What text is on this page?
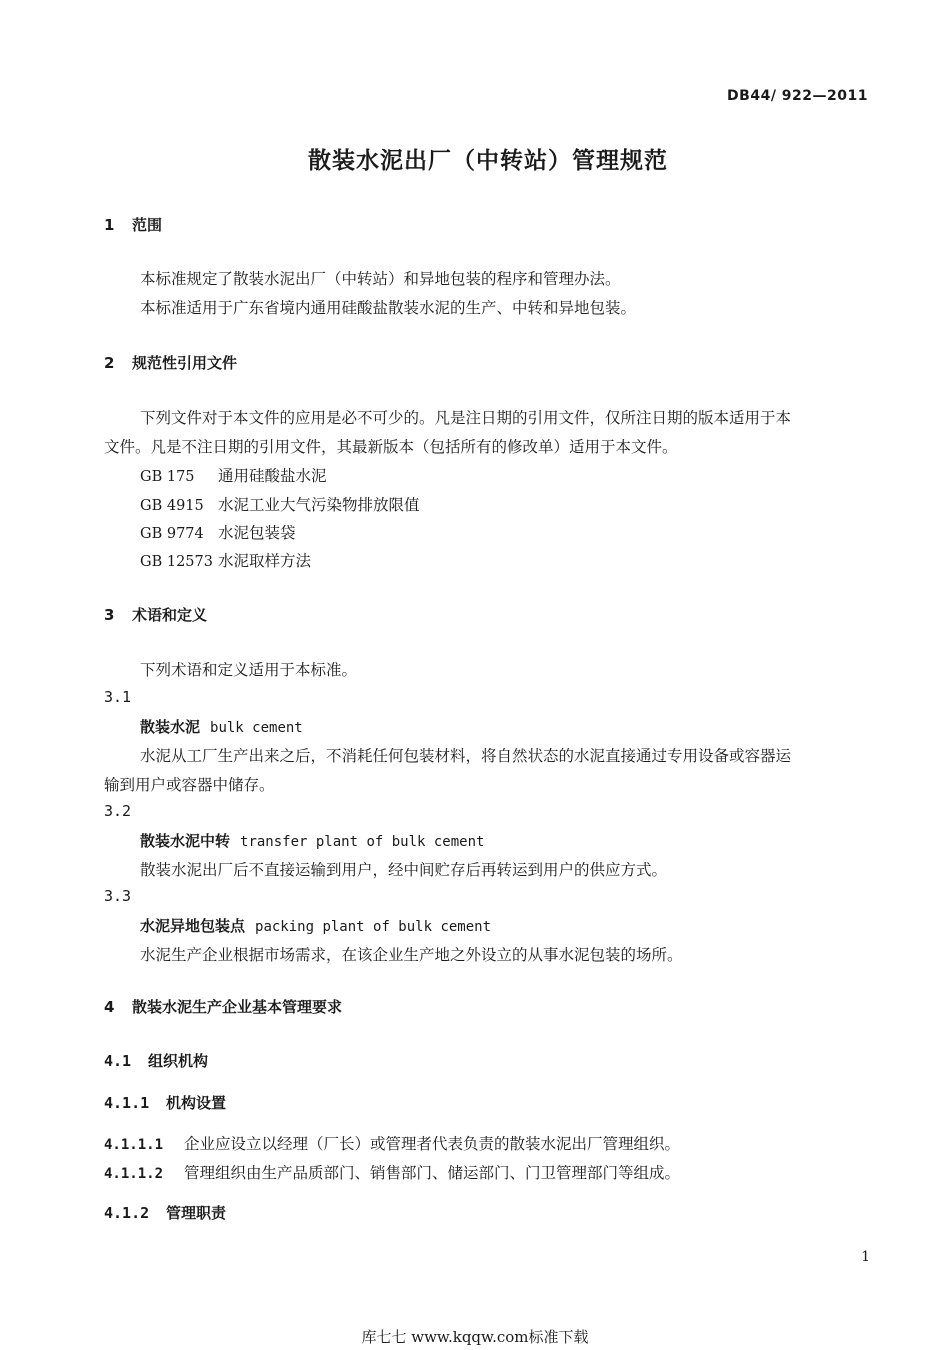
DB44/ 922—2011
散装水泥出厂（中转站）管理规范
1 范围
本标准规定了散装水泥出厂（中转站）和异地包装的程序和管理办法。
本标准适用于广东省境内通用硅酸盐散装水泥的生产、中转和异地包装。
2 规范性引用文件
下列文件对于本文件的应用是必不可少的。凡是注日期的引用文件，仅所注日期的版本适用于本
文件。凡是不注日期的引用文件，其最新版本（包括所有的修改单）适用于本文件。
GB 175 通用硅酸盐水泥
GB 4915 水泥工业大气污染物排放限值
GB 9774 水泥包装袋
GB 12573 水泥取样方法
3 术语和定义
下列术语和定义适用于本标准。
3.1
散装水泥 bulk cement
水泥从工厂生产出来之后，不消耗任何包装材料，将自然状态的水泥直接通过专用设备或容器运
输到用户或容器中储存。
3.2
散装水泥中转 transfer plant of bulk cement
散装水泥出厂后不直接运输到用户，经中间贮存后再转运到用户的供应方式。
3.3
水泥异地包装点 packing plant of bulk cement
水泥生产企业根据市场需求，在该企业生产地之外设立的从事水泥包装的场所。
4 散装水泥生产企业基本管理要求
4.1 组织机构
4.1.1 机构设置
4.1.1.1 企业应设立以经理（厂长）或管理者代表负责的散装水泥出厂管理组织。
4.1.1.2 管理组织由生产品质部门、销售部门、储运部门、门卫管理部门等组成。
4.1.2 管理职责
1
库七七 www.kqqw.com标准下载
